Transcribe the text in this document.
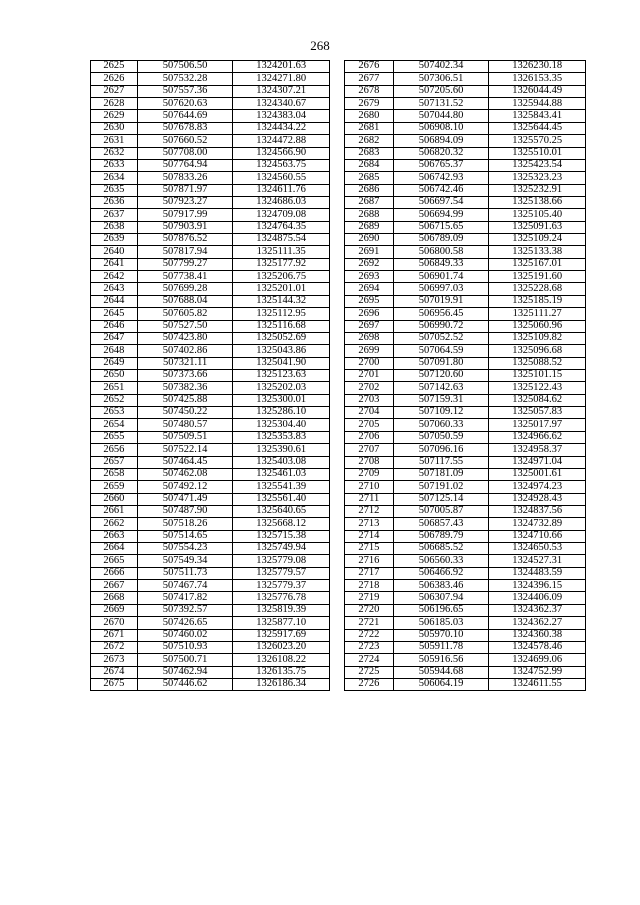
268
2625	507506.50	1324201.63
2626	507532.28	1324271.80
2627	507557.36	1324307.21
2628	507620.63	1324340.67
2629	507644.69	1324383.04
2630	507678.83	1324434.22
2631	507660.52	1324472.88
2632	507708.00	1324566.90
2633	507764.94	1324563.75
2634	507833.26	1324560.55
2635	507871.97	1324611.76
2636	507923.27	1324686.03
2637	507917.99	1324709.08
2638	507903.91	1324764.35
2639	507876.52	1324875.54
2640	507817.94	1325111.35
2641	507799.27	1325177.92
2642	507738.41	1325206.75
2643	507699.28	1325201.01
2644	507688.04	1325144.32
2645	507605.82	1325112.95
2646	507527.50	1325116.68
2647	507423.80	1325052.69
2648	507402.86	1325043.86
2649	507321.11	1325041.90
2650	507373.66	1325123.63
2651	507382.36	1325202.03
2652	507425.88	1325300.01
2653	507450.22	1325286.10
2654	507480.57	1325304.40
2655	507509.51	1325353.83
2656	507522.14	1325390.61
2657	507464.45	1325403.08
2658	507462.08	1325461.03
2659	507492.12	1325541.39
2660	507471.49	1325561.40
2661	507487.90	1325640.65
2662	507518.26	1325668.12
2663	507514.65	1325715.38
2664	507554.23	1325749.94
2665	507549.34	1325779.08
2666	507511.73	1325779.57
2667	507467.74	1325779.37
2668	507417.82	1325776.78
2669	507392.57	1325819.39
2670	507426.65	1325877.10
2671	507460.02	1325917.69
2672	507510.93	1326023.20
2673	507500.71	1326108.22
2674	507462.94	1326135.75
2675	507446.62	1326186.34
2676	507402.34	1326230.18
2677	507306.51	1326153.35
2678	507205.60	1326044.49
2679	507131.52	1325944.88
2680	507044.80	1325843.41
2681	506908.10	1325644.45
2682	506894.09	1325570.25
2683	506820.32	1325510.01
2684	506765.37	1325423.54
2685	506742.93	1325323.23
2686	506742.46	1325232.91
2687	506697.54	1325138.66
2688	506694.99	1325105.40
2689	506715.65	1325091.63
2690	506789.09	1325109.24
2691	506800.58	1325133.38
2692	506849.33	1325167.01
2693	506901.74	1325191.60
2694	506997.03	1325228.68
2695	507019.91	1325185.19
2696	506956.45	1325111.27
2697	506990.72	1325060.96
2698	507052.52	1325109.82
2699	507064.59	1325096.68
2700	507091.80	1325088.52
2701	507120.60	1325101.15
2702	507142.63	1325122.43
2703	507159.31	1325084.62
2704	507109.12	1325057.83
2705	507060.33	1325017.97
2706	507050.59	1324966.62
2707	507096.16	1324958.37
2708	507117.55	1324971.04
2709	507181.09	1325001.61
2710	507191.02	1324974.23
2711	507125.14	1324928.43
2712	507005.87	1324837.56
2713	506857.43	1324732.89
2714	506789.79	1324710.66
2715	506685.52	1324650.53
2716	506560.33	1324527.31
2717	506466.92	1324483.59
2718	506383.46	1324396.15
2719	506307.94	1324406.09
2720	506196.65	1324362.37
2721	506185.03	1324362.27
2722	505970.10	1324360.38
2723	505911.78	1324578.46
2724	505916.56	1324699.06
2725	505944.68	1324752.99
2726	506064.19	1324611.55
